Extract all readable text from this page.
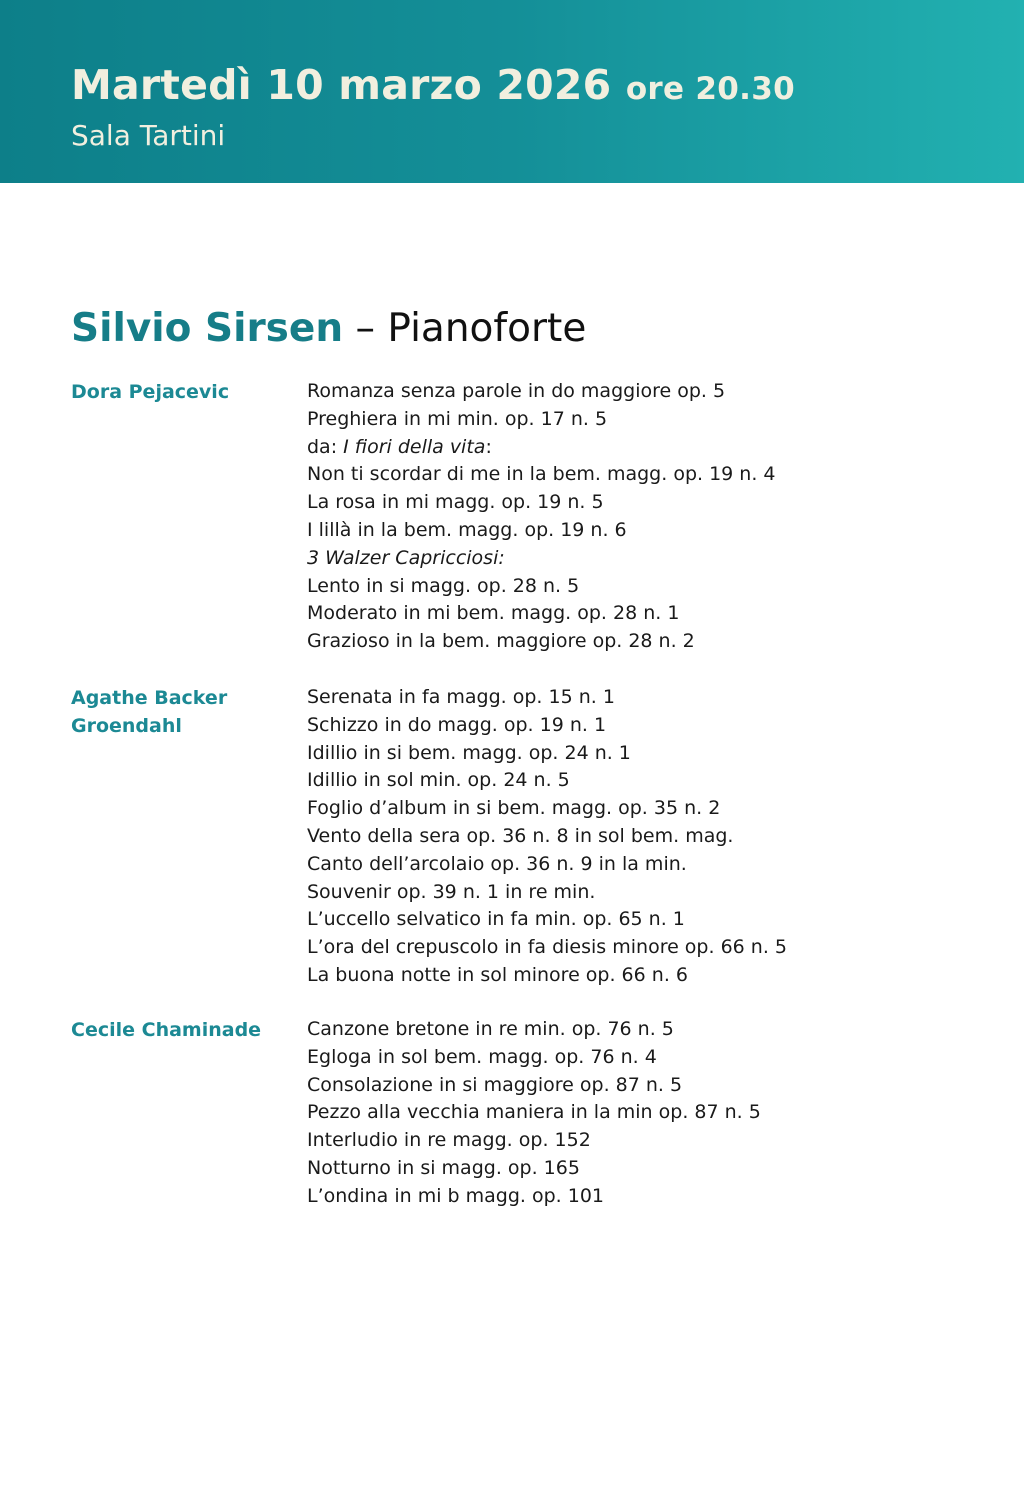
Martedì 10 marzo 2026 ore 20.30

Sala Tartini

Silvio Sirsen – Pianoforte
Dora Pejacevic	Romanza senza parole in do maggiore op. 5
Preghiera in mi min. op. 17 n. 5
da: I fiori della vita:
Non ti scordar di me in la bem. magg. op. 19 n. 4
La rosa in mi magg. op. 19 n. 5
I lillà in la bem. magg. op. 19 n. 6
3 Walzer Capricciosi:
Lento in si magg. op. 28 n. 5
Moderato in mi bem. magg. op. 28 n. 1
Grazioso in la bem. maggiore op. 28 n. 2
Agathe Backer Groendahl
Serenata in fa magg. op. 15 n. 1
Schizzo in do magg. op. 19 n. 1
Idillio in si bem. magg. op. 24 n. 1
Idillio in sol min. op. 24 n. 5
Foglio d’album in si bem. magg. op. 35 n. 2
Vento della sera op. 36 n. 8 in sol bem. mag.
Canto dell’arcolaio op. 36 n. 9 in la min.
Souvenir op. 39 n. 1 in re min.
L’uccello selvatico in fa min. op. 65 n. 1
L’ora del crepuscolo in fa diesis minore op. 66 n. 5
La buona notte in sol minore op. 66 n. 6
Cecile Chaminade	Canzone bretone in re min. op. 76 n. 5
Egloga in sol bem. magg. op. 76 n. 4
Consolazione in si maggiore op. 87 n. 5
Pezzo alla vecchia maniera in la min op. 87 n. 5
Interludio in re magg. op. 152
Notturno in si magg. op. 165
L’ondina in mi b magg. op. 101
